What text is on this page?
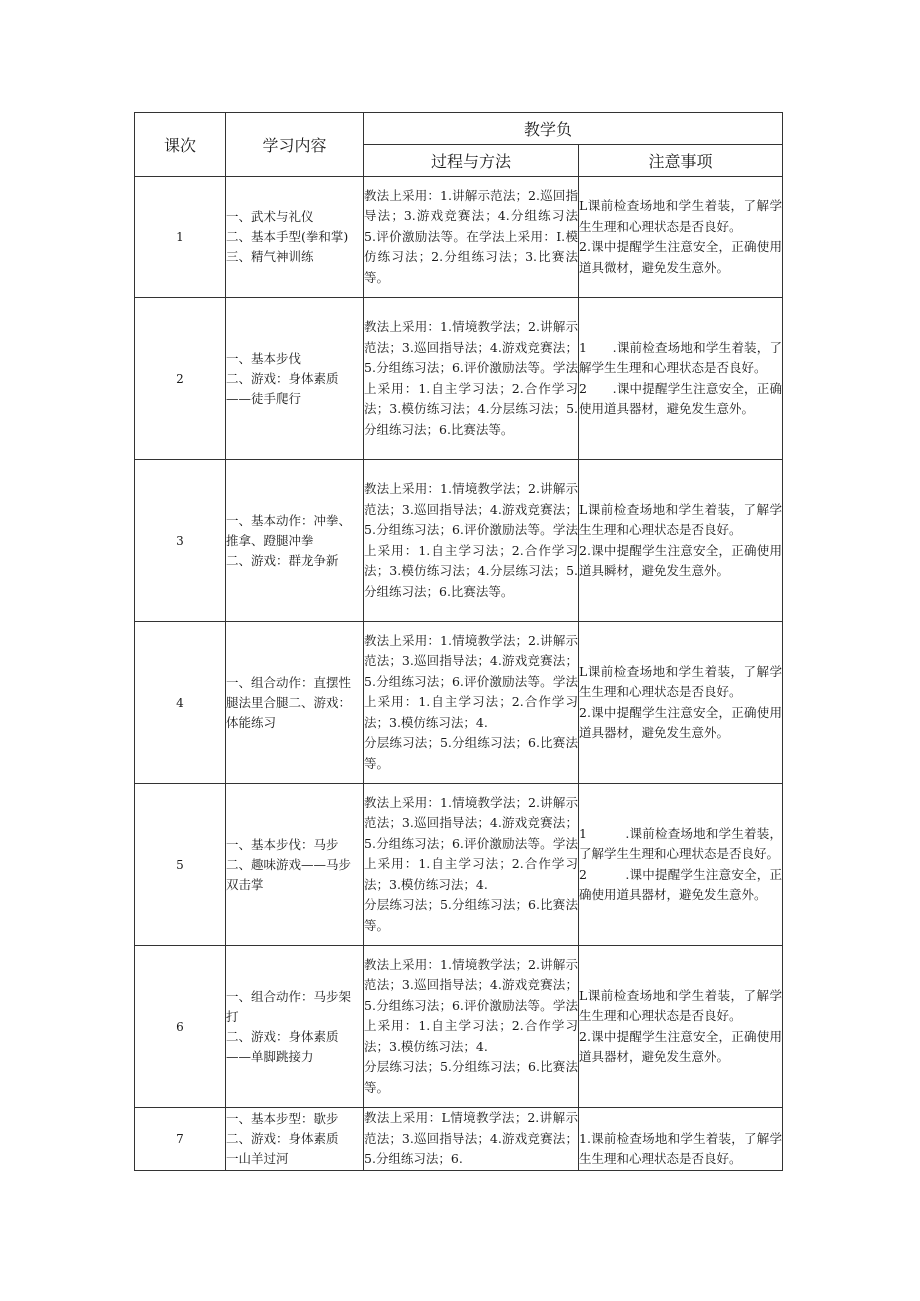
课次	学习内容	教学负	
		过程与方法	注意事项
1	一、武术与礼仪
二、基本手型(拳和掌)
三、精气神训练	教法上采用：1.讲解示范法；2.巡回指导法；3.游戏竞赛法；4.分组练习法 5.评价激励法等。在学法上采用：I.模仿练习法；2.分组练习法；3.比赛法等。	L课前检查场地和学生着装，了解学生生理和心理状态是否良好。
2.课中提醒学生注意安全，正确使用道具微材，避免发生意外。

2	一、基本步伐
二、游戏：身体素质
——徒手爬行	教法上采用：1.情境教学法；2.讲解示范法；3.巡回指导法；4.游戏竞赛法；5.分组练习法；6.评价激励法等。学法上采用：1.自主学习法；2.合作学习法；3.模仿练习法；4.分层练习法；5.分组练习法；6.比赛法等。	1　　.课前检查场地和学生着装，了解学生生理和心理状态是否良好。
2　　.课中提醒学生注意安全，正确使用道具器材，避免发生意外。

3	一、基本动作：冲拳、推拿、蹬腿冲拳
二、游戏：群龙争新	教法上采用：1.情境教学法；2.讲解示范法；3.巡回指导法；4.游戏竞赛法；5.分组练习法；6.评价激励法等。学法上采用：1.自主学习法；2.合作学习法；3.模仿练习法；4.分层练习法；5.分组练习法；6.比赛法等。	L课前检查场地和学生着装，了解学生生理和心理状态是否良好。
2.课中提醒学生注意安全，正确使用道具瞬材，避免发生意外。

4	一、组合动作：直摆性腿法里合腿二、游戏：体能练习	教法上采用：1.情境教学法；2.讲解示范法；3.巡回指导法；4.游戏竞赛法；5.分组练习法；6.评价激励法等。学法上采用：1.自主学习法；2.合作学习法；3.模仿练习法；4.
分层练习法；5.分组练习法；6.比赛法等。	L课前检查场地和学生着装，了解学生生理和心理状态是否良好。
2.课中提醒学生注意安全，正确使用道具器材，避免发生意外。

5	一、基本步伐：马步
二、趣味游戏——马步双击掌	教法上采用：1.情境教学法；2.讲解示范法；3.巡回指导法；4.游戏竞赛法；5.分组练习法；6.评价激励法等。学法上采用：1.自主学习法；2.合作学习法；3.模仿练习法；4.
分层练习法；5.分组练习法；6.比赛法等。	1　　　.课前检查场地和学生着装，了解学生生理和心理状态是否良好。
2　　　.课中提醒学生注意安全，正确使用道具器材，避免发生意外。

6	一、组合动作：马步架打
二、游戏：身体素质——单脚跳接力	教法上采用：1.情境教学法；2.讲解示范法；3.巡回指导法；4.游戏竞赛法；5.分组练习法；6.评价激励法等。学法上采用：1.自主学习法；2.合作学习法；3.模仿练习法；4.
分层练习法；5.分组练习法；6.比赛法等。	L课前检查场地和学生着装，了解学生生理和心理状态是否良好。
2.课中提醒学生注意安全，正确使用道具器材，避免发生意外。

7	一、基本步型：歇步
二、游戏：身体素质
一山羊过河	教法上采用：L情境教学法；2.讲解示范法；3.巡回指导法；4.游戏竞赛法；5.分组练习法；6.	1.课前检查场地和学生着装，了解学生生理和心理状态是否良好。
